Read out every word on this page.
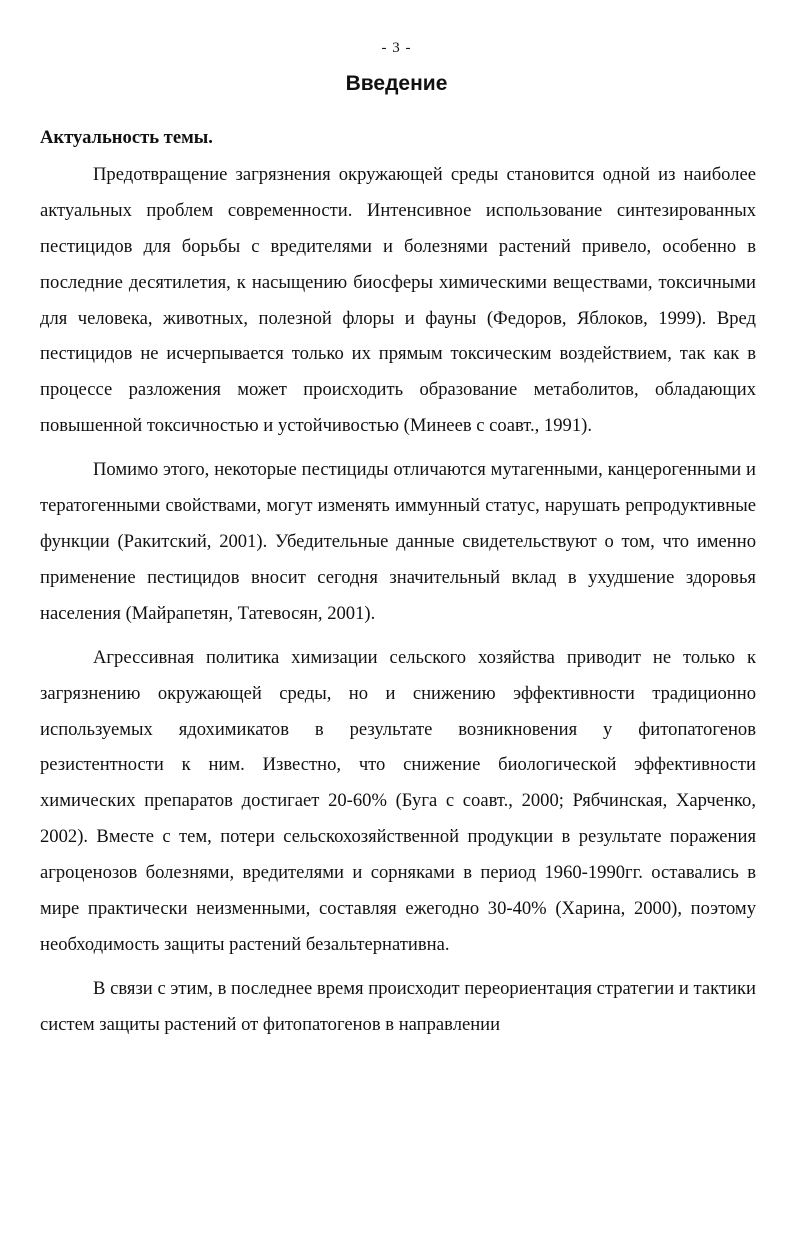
- 3 -
Введение
Актуальность темы.

Предотвращение загрязнения окружающей среды становится одной из наиболее актуальных проблем современности. Интенсивное использование синтезированных пестицидов для борьбы с вредителями и болезнями растений привело, особенно в последние десятилетия, к насыщению биосферы химическими веществами, токсичными для человека, животных, полезной флоры и фауны (Федоров, Яблоков, 1999). Вред пестицидов не исчерпывается только их прямым токсическим воздействием, так как в процессе разложения может происходить образование метаболитов, обладающих повышенной токсичностью и устойчивостью (Минеев с соавт., 1991).

Помимо этого, некоторые пестициды отличаются мутагенными, канцерогенными и тератогенными свойствами, могут изменять иммунный статус, нарушать репродуктивные функции (Ракитский, 2001). Убедительные данные свидетельствуют о том, что именно применение пестицидов вносит сегодня значительный вклад в ухудшение здоровья населения (Майрапетян, Татевосян, 2001).

Агрессивная политика химизации сельского хозяйства приводит не только к загрязнению окружающей среды, но и снижению эффективности традиционно используемых ядохимикатов в результате возникновения у фитопатогенов резистентности к ним. Известно, что снижение биологической эффективности химических препаратов достигает 20-60% (Буга с соавт., 2000; Рябчинская, Харченко, 2002). Вместе с тем, потери сельскохозяйственной продукции в результате поражения агроценозов болезнями, вредителями и сорняками в период 1960-1990гг. оставались в мире практически неизменными, составляя ежегодно 30-40% (Харина, 2000), поэтому необходимость защиты растений безальтернативна.

В связи с этим, в последнее время происходит переориентация стратегии и тактики систем защиты растений от фитопатогенов в направлении
